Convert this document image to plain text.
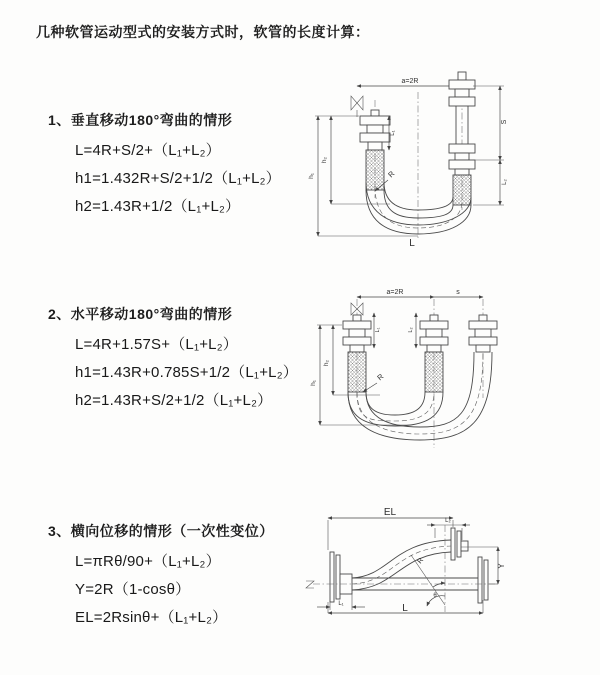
几种软管运动型式的安装方式时，软管的长度计算：
1、垂直移动180°弯曲的情形
L=4R+S/2+（L₁+L₂）
h1=1.432R+S/2+1/2（L₁+L₂）
h2=1.43R+1/2（L₁+L₂）
a=2R
L₁
S
L₂
h₁
h₂
R
L
2、水平移动180°弯曲的情形
L=4R+1.57S+（L₁+L₂）
h1=1.43R+0.785S+1/2（L₁+L₂）
h2=1.43R+S/2+1/2（L₁+L₂）
a=2R	s
L₁	L₂
h₁
h₂
R
3、横向位移的情形（一次性变位）
L=πRθ/90+（L₁+L₂）
Y=2R（1-cosθ）
EL=2Rsinθ+（L₁+L₂）
EL
L₂
Y
R
θ
L
L₁
